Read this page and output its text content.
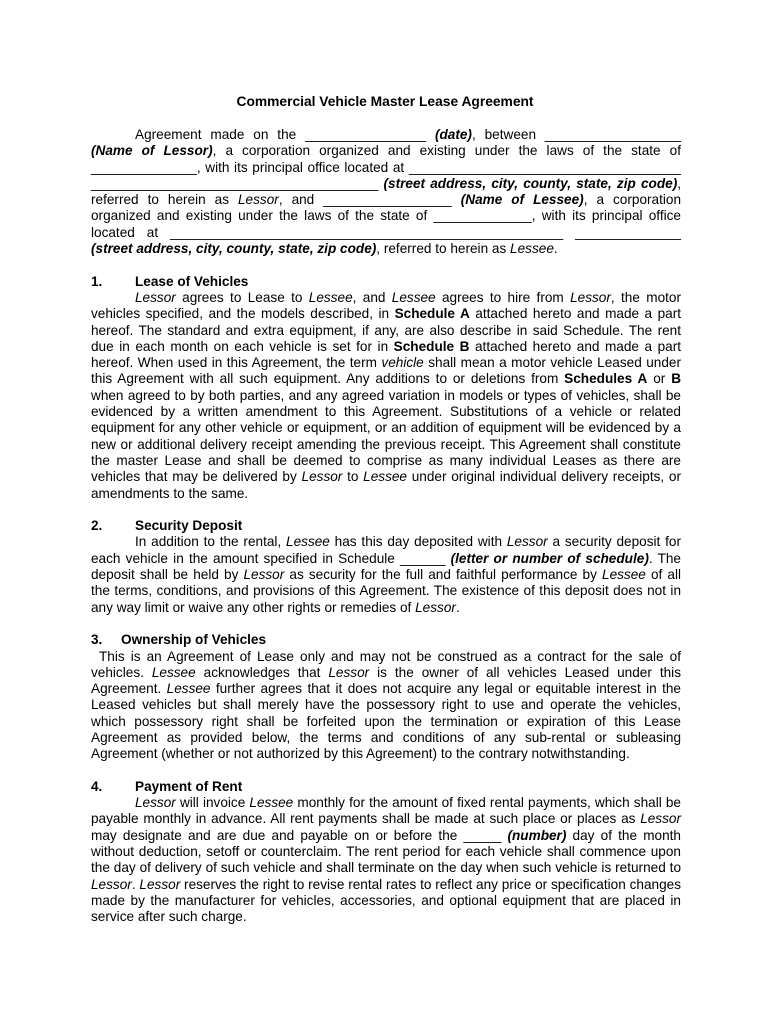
Commercial Vehicle Master Lease Agreement

Agreement made on the ________________ (date), between __________________ (Name of Lessor), a corporation organized and existing under the laws of the state of ______________, with its principal office located at ____________________________________ ______________________________________ (street address, city, county, state, zip code), referred to herein as Lessor, and _________________ (Name of Lessee), a corporation organized and existing under the laws of the state of _____________, with its principal office located at ____________________________________________________ ______________ (street address, city, county, state, zip code), referred to herein as Lessee.

1. Lease of Vehicles

Lessor agrees to Lease to Lessee, and Lessee agrees to hire from Lessor, the motor vehicles specified, and the models described, in Schedule A attached hereto and made a part hereof. The standard and extra equipment, if any, are also describe in said Schedule. The rent due in each month on each vehicle is set for in Schedule B attached hereto and made a part hereof. When used in this Agreement, the term vehicle shall mean a motor vehicle Leased under this Agreement with all such equipment. Any additions to or deletions from Schedules A or B when agreed to by both parties, and any agreed variation in models or types of vehicles, shall be evidenced by a written amendment to this Agreement. Substitutions of a vehicle or related equipment for any other vehicle or equipment, or an addition of equipment will be evidenced by a new or additional delivery receipt amending the previous receipt. This Agreement shall constitute the master Lease and shall be deemed to comprise as many individual Leases as there are vehicles that may be delivered by Lessor to Lessee under original individual delivery receipts, or amendments to the same.

2. Security Deposit

In addition to the rental, Lessee has this day deposited with Lessor a security deposit for each vehicle in the amount specified in Schedule ______ (letter or number of schedule). The deposit shall be held by Lessor as security for the full and faithful performance by Lessee of all the terms, conditions, and provisions of this Agreement. The existence of this deposit does not in any way limit or waive any other rights or remedies of Lessor.

3. Ownership of Vehicles

This is an Agreement of Lease only and may not be construed as a contract for the sale of vehicles. Lessee acknowledges that Lessor is the owner of all vehicles Leased under this Agreement. Lessee further agrees that it does not acquire any legal or equitable interest in the Leased vehicles but shall merely have the possessory right to use and operate the vehicles, which possessory right shall be forfeited upon the termination or expiration of this Lease Agreement as provided below, the terms and conditions of any sub-rental or subleasing Agreement (whether or not authorized by this Agreement) to the contrary notwithstanding.

4. Payment of Rent

Lessor will invoice Lessee monthly for the amount of fixed rental payments, which shall be payable monthly in advance. All rent payments shall be made at such place or places as Lessor may designate and are due and payable on or before the _____ (number) day of the month without deduction, setoff or counterclaim. The rent period for each vehicle shall commence upon the day of delivery of such vehicle and shall terminate on the day when such vehicle is returned to Lessor. Lessor reserves the right to revise rental rates to reflect any price or specification changes made by the manufacturer for vehicles, accessories, and optional equipment that are placed in service after such charge.
